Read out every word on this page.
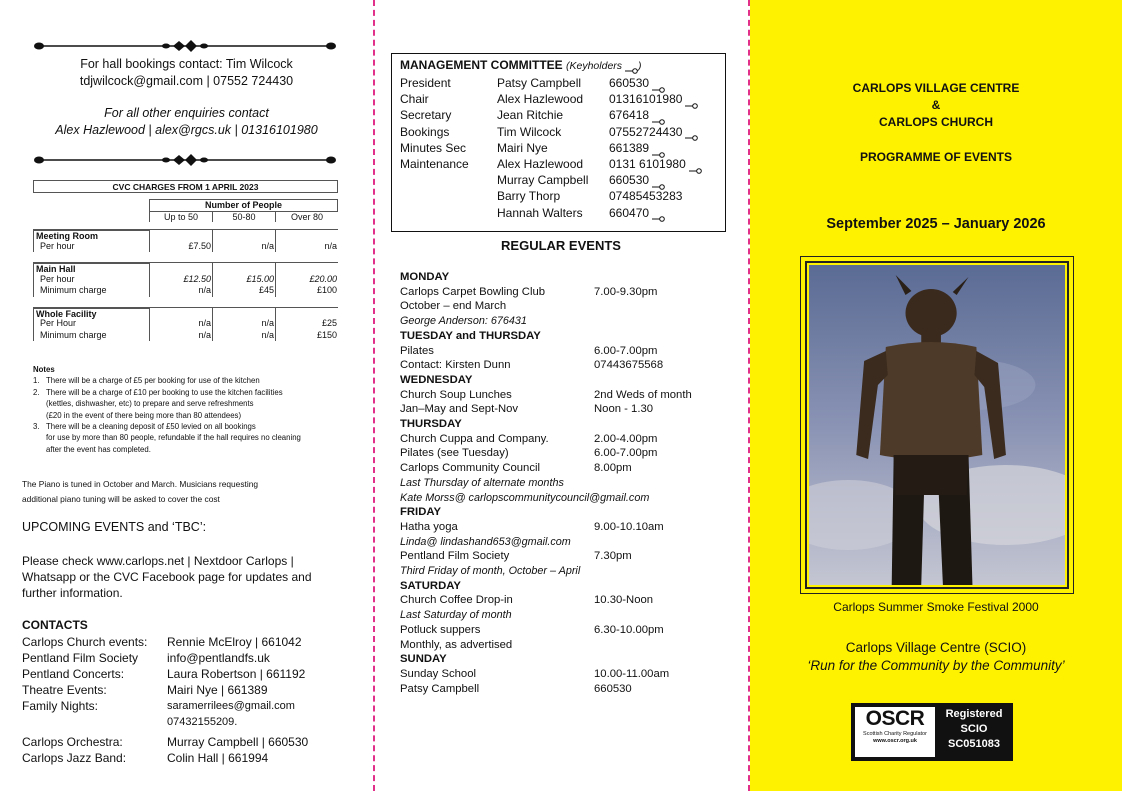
For hall bookings contact: Tim Wilcock
tdjwilcock@gmail.com | 07552 724430
For all other enquiries contact
Alex Hazlewood | alex@rgcs.uk | 01316101980
CVC CHARGES FROM 1 APRIL 2023
Number of People
Up to 50	50-80	Over 80
Meeting Room
Per hour	£7.50	n/a	n/a
Main Hall
Per hour	£12.50	£15.00	£20.00
Minimum charge	n/a	£45	£100
Whole Facility
Per Hour	n/a	n/a	£25
Minimum charge	n/a	n/a	£150
Notes
1. There will be a charge of £5 per booking for use of the kitchen
2. There will be a charge of £10 per booking to use the kitchen facilities
(kettles, dishwasher, etc) to prepare and serve refreshments
(£20 in the event of there being more than 80 attendees)
3. There will be a cleaning deposit of £50 levied on all bookings
for use by more than 80 people, refundable if the hall requires no cleaning
after the event has completed.
The Piano is tuned in October and March. Musicians requesting
additional piano tuning will be asked to cover the cost
UPCOMING EVENTS and ‘TBC’:
Please check www.carlops.net | Nextdoor Carlops |
Whatsapp or the CVC Facebook page for updates and
further information.
CONTACTS
Carlops Church events:	Rennie McElroy | 661042
Pentland Film Society	info@pentlandfs.uk
Pentland Concerts:	Laura Robertson | 661192
Theatre Events:	Mairi Nye | 661389
Family Nights:	saramerrilees@gmail.com
07432155209.
Carlops Orchestra:	Murray Campbell | 660530
Carlops Jazz Band:	Colin Hall | 661994
MANAGEMENT COMMITTEE (Keyholders )
President	Patsy Campbell	660530
Chair	Alex Hazlewood	01316101980
Secretary	Jean Ritchie	676418
Bookings	Tim Wilcock	07552724430
Minutes Sec	Mairi Nye	661389
Maintenance	Alex Hazlewood	0131 6101980
Murray Campbell	660530
Barry Thorp	07485453283
Hannah Walters	660470
REGULAR EVENTS
MONDAY
Carlops Carpet Bowling Club	7.00-9.30pm
October – end March
George Anderson: 676431
TUESDAY and THURSDAY
Pilates	6.00-7.00pm
Contact: Kirsten Dunn	07443675568
WEDNESDAY
Church Soup Lunches	2nd Weds of month
Jan–May and Sept-Nov	Noon - 1.30
THURSDAY
Church Cuppa and Company.	2.00-4.00pm
Pilates (see Tuesday)	6.00-7.00pm
Carlops Community Council	8.00pm
Last Thursday of alternate months
Kate Morss@ carlopscommunitycouncil@gmail.com
FRIDAY
Hatha yoga	9.00-10.10am
Linda@ lindashand653@gmail.com
Pentland Film Society	7.30pm
Third Friday of month, October – April
SATURDAY
Church Coffee Drop-in	10.30-Noon
Last Saturday of month
Potluck suppers	6.30-10.00pm
Monthly, as advertised
SUNDAY
Sunday School	10.00-11.00am
Patsy Campbell	660530
CARLOPS VILLAGE CENTRE
&
CARLOPS CHURCH
PROGRAMME OF EVENTS
September 2025 – January 2026
Carlops Summer Smoke Festival 2000
Carlops Village Centre (SCIO)
‘Run for the Community by the Community’
OSCR
Scottish Charity Regulator
www.oscr.org.uk
Registered
SCIO
SC051083
